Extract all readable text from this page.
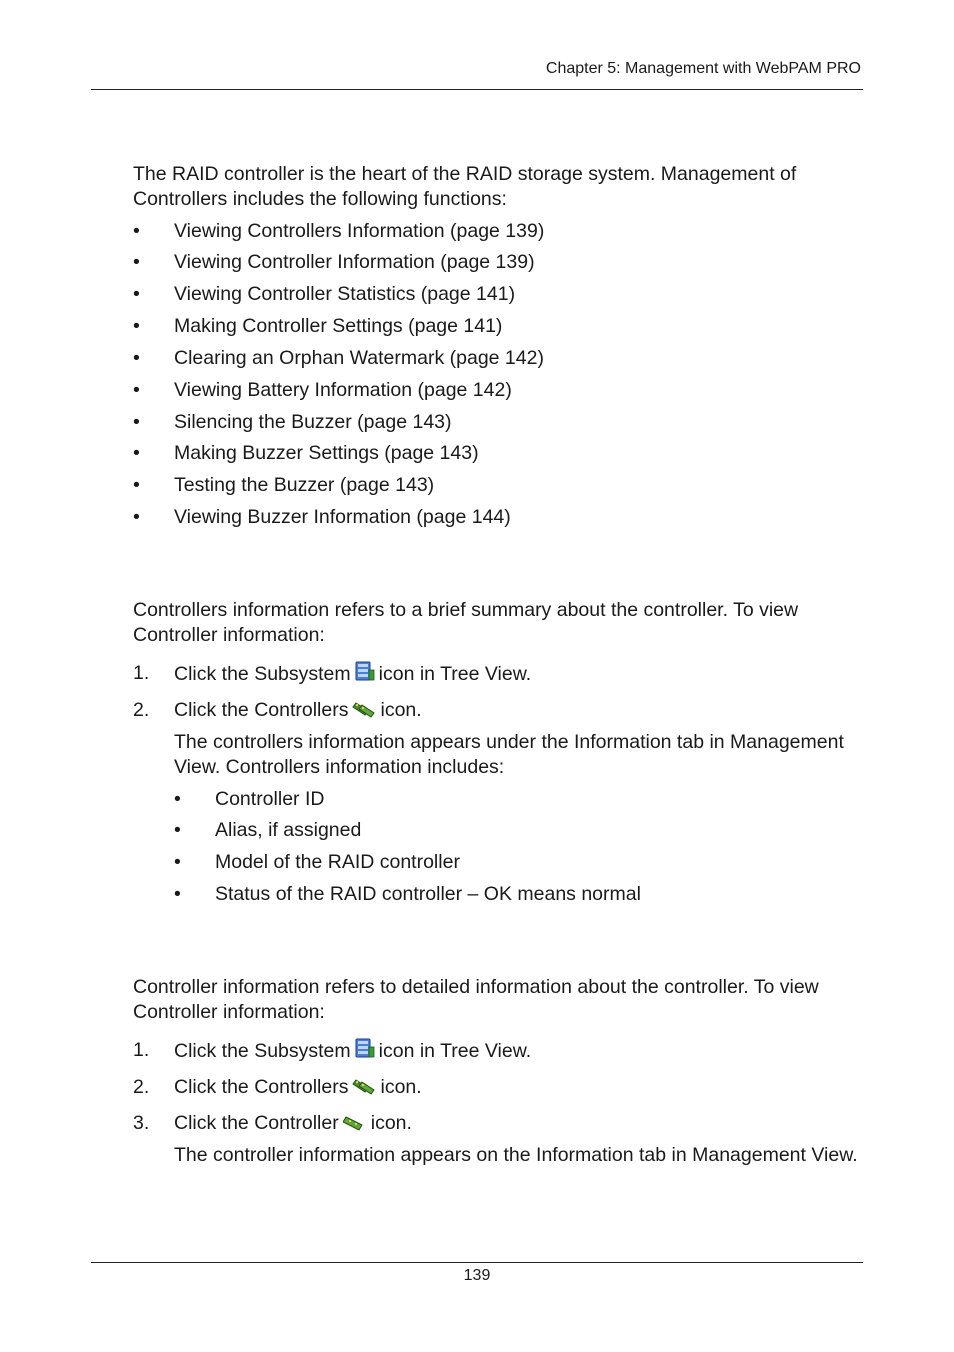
Chapter 5: Management with WebPAM PRO
The RAID controller is the heart of the RAID storage system. Management of Controllers includes the following functions:
• Viewing Controllers Information (page 139)
• Viewing Controller Information (page 139)
• Viewing Controller Statistics (page 141)
• Making Controller Settings (page 141)
• Clearing an Orphan Watermark (page 142)
• Viewing Battery Information (page 142)
• Silencing the Buzzer (page 143)
• Making Buzzer Settings (page 143)
• Testing the Buzzer (page 143)
• Viewing Buzzer Information (page 144)
Controllers information refers to a brief summary about the controller. To view Controller information:
1. Click the Subsystem icon in Tree View.
2. Click the Controllers icon.
The controllers information appears under the Information tab in Management View. Controllers information includes:
• Controller ID
• Alias, if assigned
• Model of the RAID controller
• Status of the RAID controller – OK means normal
Controller information refers to detailed information about the controller. To view Controller information:
1. Click the Subsystem icon in Tree View.
2. Click the Controllers icon.
3. Click the Controller icon.
The controller information appears on the Information tab in Management View.
139
